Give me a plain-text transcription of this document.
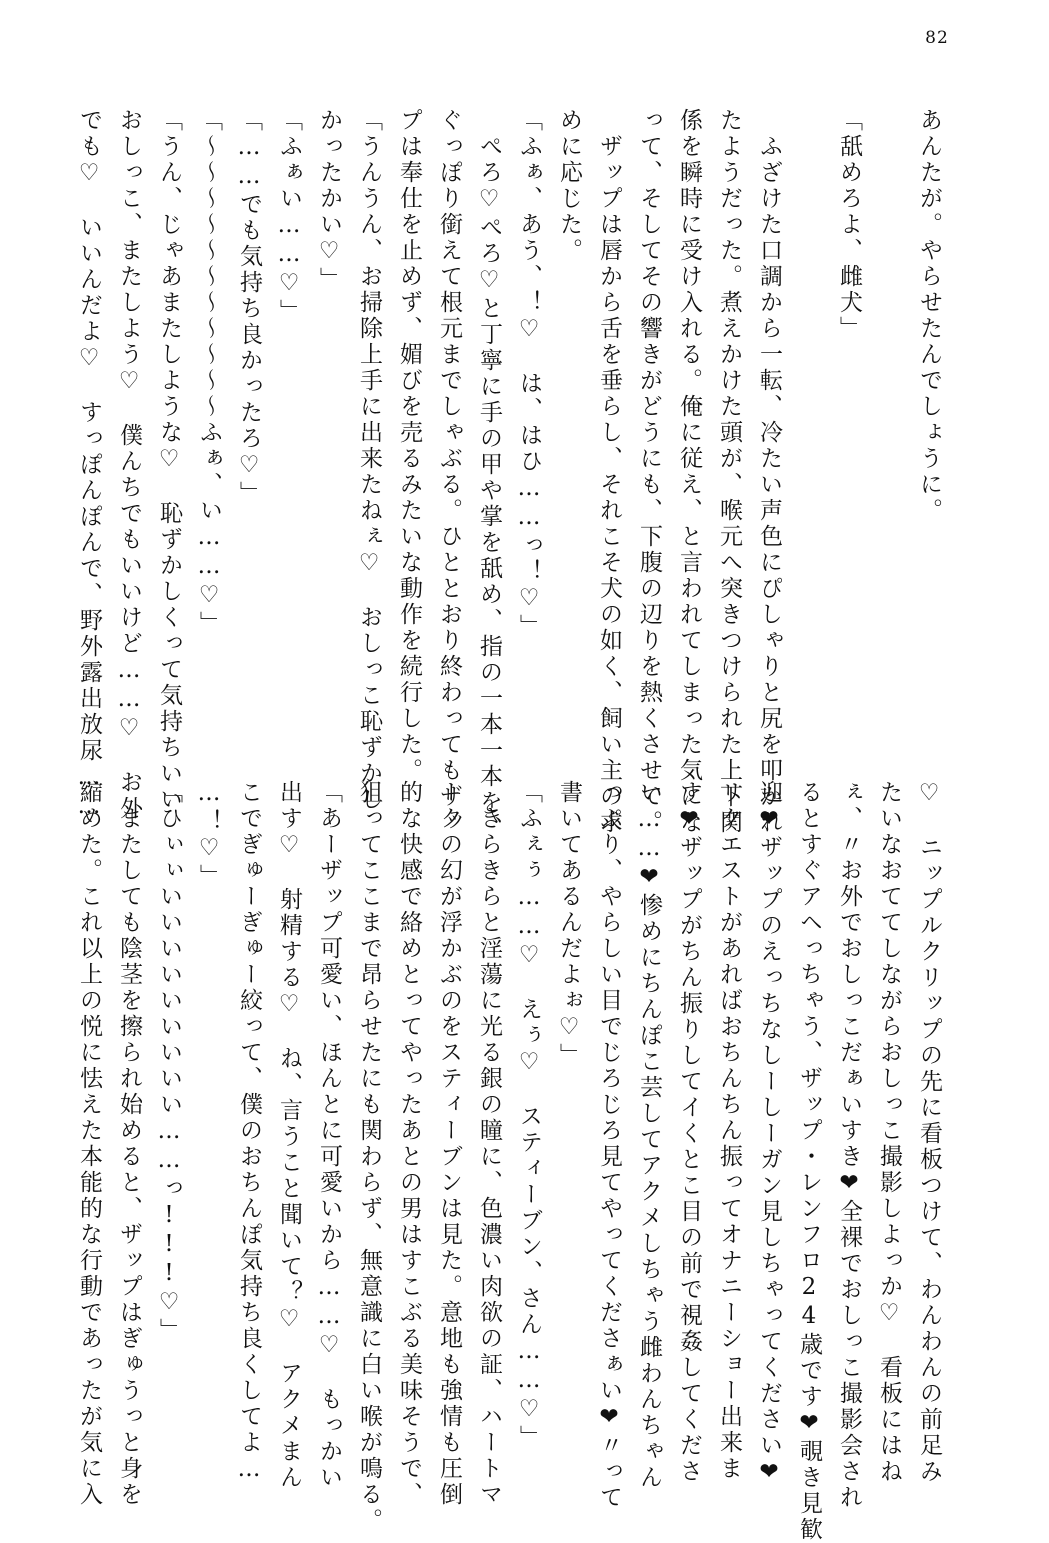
82
あんたが。やらせたんでしょうに。

「舐めろよ、雌犬」

　ふざけた口調から一転、冷たい声色にぴしゃりと尻を叩かれ
たようだった。煮えかけた頭が、喉元へ突きつけられた上下関
係を瞬時に受け入れる。俺に従え、と言われてしまった気にな
って、そしてその響きがどうにも、下腹の辺りを熱くさせて。
　ザップは唇から舌を垂らし、それこそ犬の如く、飼い主の求
めに応じた。
「ふぁ、あう、！♡　は、はひ……っ！♡」
　ぺろ♡ぺろ♡と丁寧に手の甲や掌を舐め、指の一本一本を、
ぐっぽり銜えて根元までしゃぶる。ひととおり終わってもザッ
プは奉仕を止めず、媚びを売るみたいな動作を続行した。
「うんうん、お掃除上手に出来たねぇ♡　おしっこ恥ずかし
かったかい♡」
「ふぁい……♡」
「……でも気持ち良かったろ♡」
「〜〜〜〜〜〜〜〜〜〜〜ふぁ、い……♡」
「うん、じゃあまたしような♡　恥ずかしくって気持ちいい
おしっこ、またしよう♡　僕んちでもいいけど……♡　お外
でも♡　いいんだよ♡　すっぽんぽんで、野外露出放尿……
♡　ニップルクリップの先に看板つけて、わんわんの前足み
たいなおててしながらおしっこ撮影しよっか♡　看板にはね
ぇ、〃お外でおしっこだぁいすき❤全裸でおしっこ撮影会され
るとすぐアヘっちゃう、ザップ・レンフロ24歳です❤覗き見歓
迎❤ザップのえっちなしーしーガン見しちゃってください❤
リクエストがあればおちんちん振ってオナニーショー出来ま
す❤ザップがちん振りしてイくとこ目の前で視姦してくださ
い……❤惨めにちんぽこ芸してアクメしちゃう雌わんちゃん
っぷり、やらしい目でじろじろ見てやってくださぁい❤〃って
書いてあるんだよぉ♡」
「ふぇぅ……♡　えぅ♡　スティーブン、さん……♡」
　きらきらと淫蕩に光る銀の瞳に、色濃い肉欲の証、ハートマ
ークの幻が浮かぶのをスティーブンは見た。意地も強情も圧倒
的な快感で絡めとってやったあとの男はすこぶる美味そうで、
狙ってここまで昂らせたにも関わらず、無意識に白い喉が鳴る。
「あーザップ可愛い、ほんとに可愛いから……♡　もっかい
出す♡　射精する♡　ね、言うこと聞いて？♡　アクメまん
こでぎゅーぎゅー絞って、僕のおちんぽ気持ち良くしてよ…
…！♡」
「ひぃぃいいいいいいいいい……っ!!!♡」
　またしても陰茎を擦られ始めると、ザップはぎゅうっと身を
縮めた。これ以上の悦に怯えた本能的な行動であったが気に入
